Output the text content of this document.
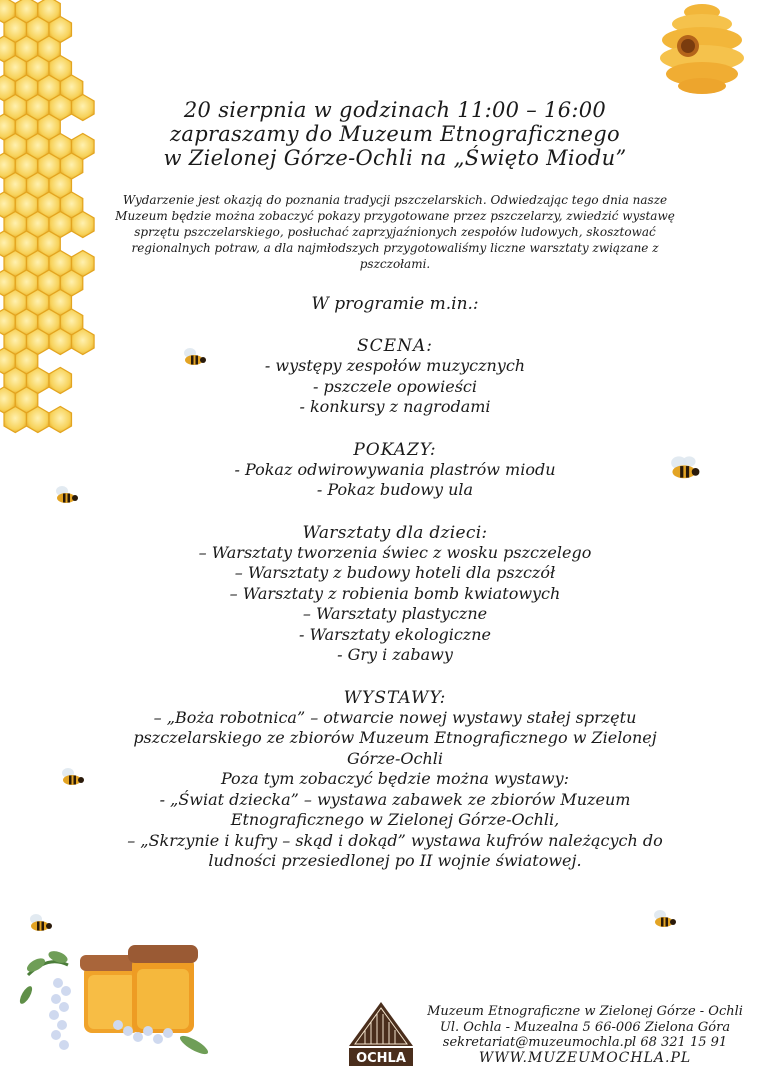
20 sierpnia w godzinach 11:00 – 16:00
zapraszamy do Muzeum Etnograficznego
w Zielonej Górze-Ochli na „Święto Miodu”
Wydarzenie jest okazją do poznania tradycji pszczelarskich. Odwiedzając tego dnia nasze Muzeum będzie można zobaczyć pokazy przygotowane przez pszczelarzy, zwiedzić wystawę sprzętu pszczelarskiego, posłuchać zaprzyjaźnionych zespołów ludowych, skosztować regionalnych potraw, a dla najmłodszych przygotowaliśmy liczne warsztaty związane z pszczołami.
W programie m.in.:
SCENA:
- występy zespołów muzycznych
- pszczele opowieści
- konkursy z nagrodami
POKAZY:
- Pokaz odwirowywania plastrów miodu
- Pokaz budowy ula
Warsztaty dla dzieci:
– Warsztaty tworzenia świec z wosku pszczelego
– Warsztaty z budowy hoteli dla pszczół
– Warsztaty z robienia bomb kwiatowych
– Warsztaty plastyczne
- Warsztaty ekologiczne
- Gry i zabawy
WYSTAWY:
– „Boża robotnica” – otwarcie nowej wystawy stałej sprzętu
pszczelarskiego ze zbiorów Muzeum Etnograficznego w Zielonej
Górze-Ochli
Poza tym zobaczyć będzie można wystawy:
- „Świat dziecka” – wystawa zabawek ze zbiorów Muzeum
Etnograficznego w Zielonej Górze-Ochli,
– „Skrzynie i kufry – skąd i dokąd” wystawa kufrów należących do
ludności przesiedlonej po II wojnie światowej.
OCHLA
Muzeum Etnograficzne w Zielonej Górze - Ochli
Ul. Ochla - Muzealna 5 66-006 Zielona Góra
sekretariat@muzeumochla.pl 68 321 15 91
WWW.MUZEUMOCHLA.PL
